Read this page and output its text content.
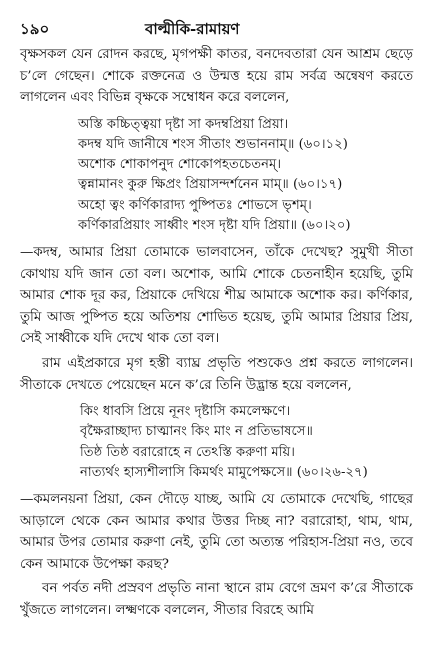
১৯০	বাল্মীকি-রামায়ণ

বৃক্ষসকল যেন রোদন করছে, মৃগপক্ষী কাতর, বনদেবতারা যেন আশ্রম ছেড়ে চ’লে গেছেন। শোকে রক্তনেত্র ও উন্মত্ত হয়ে রাম সর্বত্র অন্বেষণ করতে লাগলেন এবং বিভিন্ন বৃক্ষকে সম্বোধন করে বললেন,

অস্তি কচ্চিত্ত্বয়া দৃষ্টা সা কদম্বপ্রিয়া প্রিয়া।
কদম্ব যদি জানীষে শংস সীতাং শুভাননাম্॥ (৬০।১২)
অশোক শোকাপনুদ শোকোপহতচেতনম্।
ত্বন্নামানং কুরু ক্ষিপ্রং প্রিয়াসন্দর্শনেন মাম্॥ (৬০।১৭)
অহো ত্বং কর্ণিকারাদ্য পুষ্পিতঃ শোভসে ভৃশম্।
কর্ণিকারপ্রিয়াং সাধ্বীং শংস দৃষ্টা যদি প্রিয়া॥ (৬০।২০)

—কদম্ব, আমার প্রিয়া তোমাকে ভালবাসেন, তাঁকে দেখেছ? সুমুখী সীতা কোথায় যদি জান তো বল। অশোক, আমি শোকে চেতনাহীন হয়েছি, তুমি আমার শোক দূর কর, প্রিয়াকে দেখিয়ে শীঘ্র আমাকে অশোক কর। কর্ণিকার, তুমি আজ পুষ্পিত হয়ে অতিশয় শোভিত হয়েছ, তুমি আমার প্রিয়ার প্রিয়, সেই সাধ্বীকে যদি দেখে থাক তো বল।

রাম এইপ্রকারে মৃগ হস্তী ব্যাঘ্র প্রভৃতি পশুকেও প্রশ্ন করতে লাগলেন। সীতাকে দেখতে পেয়েছেন মনে ক’রে তিনি উদ্ভ্রান্ত হয়ে বললেন,

কিং ধাবসি প্রিয়ে নূনং দৃষ্টাসি কমলেক্ষণে।
বৃক্ষৈরাচ্ছাদ্য চাত্মানং কিং মাং ন প্রতিভাষসে॥
তিষ্ঠ তিষ্ঠ বরারোহে ন তেঽস্তি করুণা ময়ি।
নাত্যর্থং হাস্যশীলাসি কিমর্থং মামুপেক্ষসে॥ (৬০।২৬-২৭)

—কমলনয়না প্রিয়া, কেন দৌড়ে যাচ্ছ, আমি যে তোমাকে দেখেছি, গাছের আড়ালে থেকে কেন আমার কথার উত্তর দিচ্ছ না? বরারোহা, থাম, থাম, আমার উপর তোমার করুণা নেই, তুমি তো অত্যন্ত পরিহাস-প্রিয়া নও, তবে কেন আমাকে উপেক্ষা করছ?

বন পর্বত নদী প্রস্রবণ প্রভৃতি নানা স্থানে রাম বেগে ভ্রমণ ক’রে সীতাকে খুঁজতে লাগলেন। লক্ষ্মণকে বললেন, সীতার বিরহে আমি
